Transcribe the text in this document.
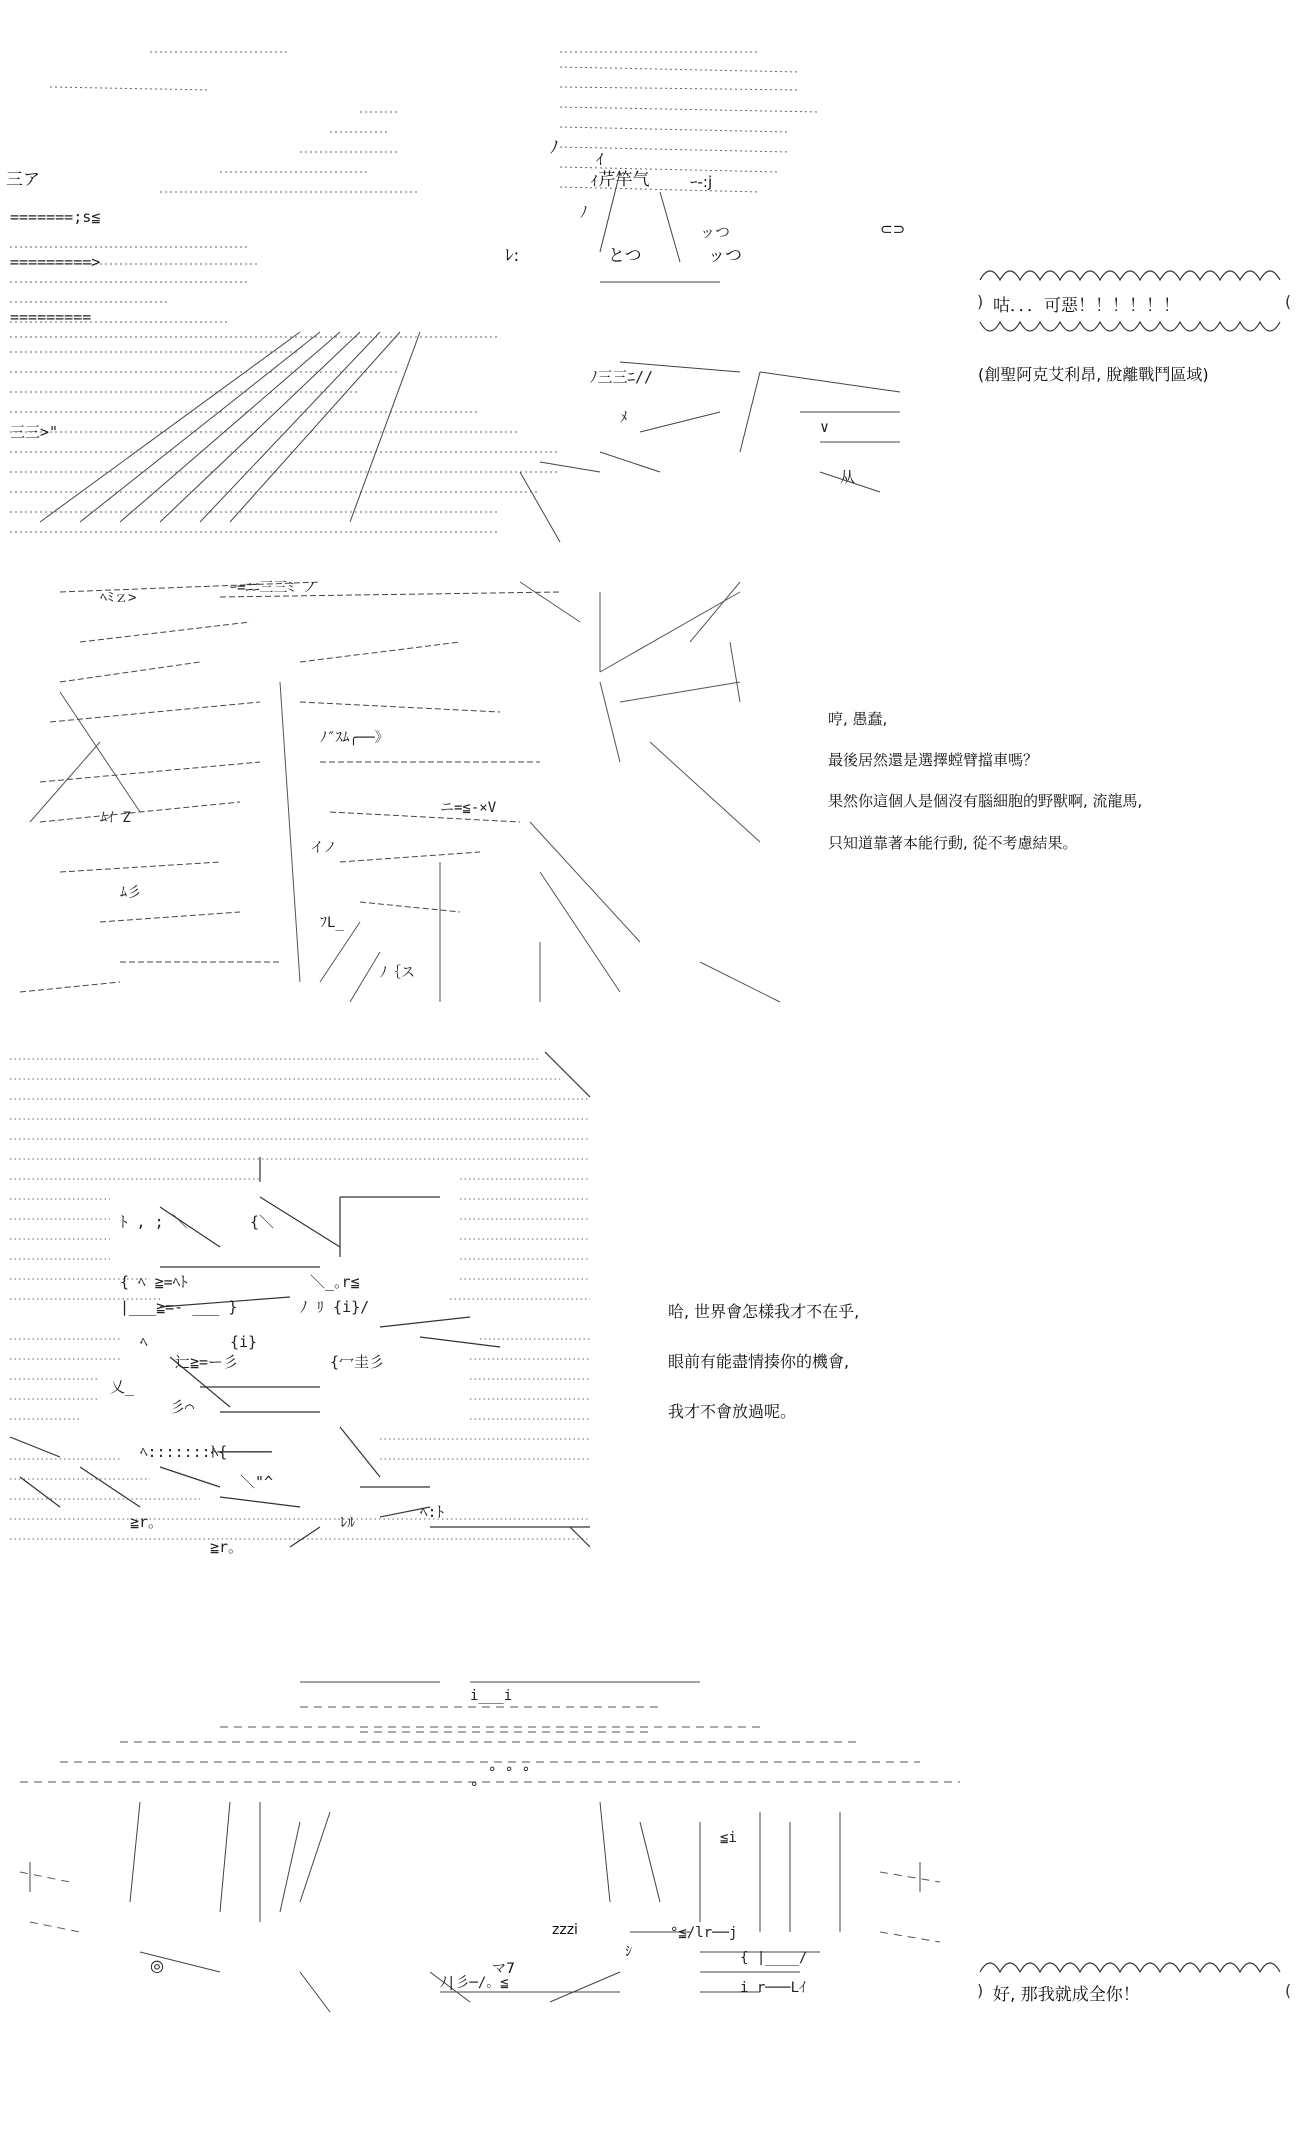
=======;s≦
=========>
=========
三三>"
ッつ
ﾉ
ﾉ三三ﾆ//
ﾒ
∨
从

三ア

	ｨ芹竿气

ﾚ:

ﾉ

とつ

	ッつ

ｲ

ｰ-:j

⊂⊃

)	(
咕．．．可惡！！！！！！
(創聖阿克艾利昂, 脫離戰鬥區域)

ﾍﾐｚ>
ｰ=ﾆﾆ三三ﾐ ノ
ﾑｲ Z
ﾉ″ｽﾑ╭──》
イノ
ニ=≦-×V
ﾑ彡
ﾌL_
ﾉ｛ス

哼, 愚蠢,
最後居然還是選擇螳臂擋車嗎？
果然你這個人是個沒有腦細胞的野獸啊, 流龍馬,
只知道靠著本能行動, 從不考慮結果。

ﾄ , ; ＼	{＼
{ ﾍ ≧=ﾍﾄ	＼_｡r≦
|___≧=- ___ }	ﾉ ﾘ {i}/
ﾍ	{i}
辷≧=ー彡	{冖圭彡
乂_
彡⌒
ﾍ:::::::ﾍ{
ﾄ──────
＼"^
≧r｡
≧r｡
ﾚﾙ
ﾍ:ﾄ

哈, 世界會怎樣我才不在乎,
眼前有能盡情揍你的機會,
我才不會放過呢。

i___i
° ° °
°
≦i
°≦/lr──j
{ |____/
ﾉ|彡─/。≦	i r───Lｲ

◎

zzzi

マ7

ｼ

)	(
好, 那我就成全你！
